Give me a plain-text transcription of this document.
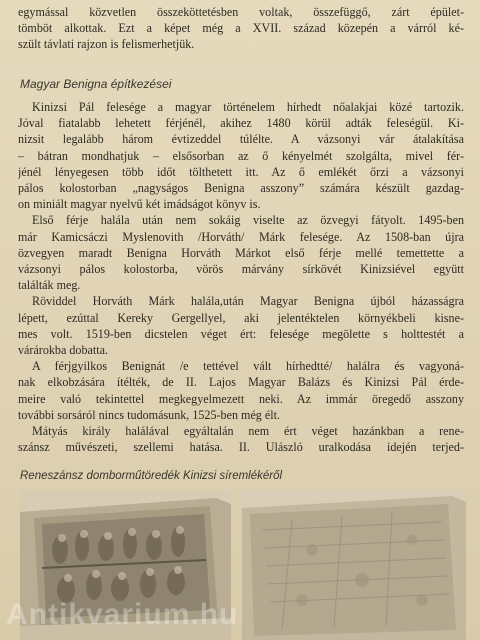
egymással közvetlen összeköttetésben voltak, összefüggő, zárt épület-
tömböt alkottak. Ezt a képet még a XVII. század közepén a várról ké-
szült távlati rajzon is felismerhetjük.
Magyar Benigna építkezései
Kinizsi Pál felesége a magyar történelem hírhedt nőalakjai közé tartozik.
Jóval fiatalabb lehetett férjénél, akihez 1480 körül adták feleségül. Ki-
nizsit legalább három évtizeddel túlélte. A vázsonyi vár átalakítása
– bátran mondhatjuk – elsősorban az ő kényelmét szolgálta, mivel fér-
jénél lényegesen több időt tölthetett itt. Az ő emlékét őrzi a vázsonyi
pálos kolostorban „nagyságos Benigna asszony” számára készült gazdag-
on miniált magyar nyelvű két imádságot könyv is.
Első férje halála után nem sokáig viselte az özvegyi fátyolt. 1495-ben
már Kamicsáczi Myslenovith /Horváth/ Márk felesége. Az 1508-ban újra
özvegyen maradt Benigna Horváth Márkot első férje mellé temettette a
vázsonyi pálos kolostorba, vörös márvány sírkövét Kinizsiével együtt
találták meg.
Röviddel Horváth Márk halála,után Magyar Benigna újból házasságra
lépett, ezúttal Kereky Gergellyel, aki jelentéktelen környékbeli kisne-
mes volt. 1519-ben dicstelen véget ért: felesége megölette s holttestét a
várárokba dobatta.
A férjgyilkos Benignát /e tettével vált hírhedtté/ halálra és vagyoná-
nak elkobzására ítélték, de II. Lajos Magyar Balázs és Kinizsi Pál érde-
meire való tekintettel megkegyelmezett neki. Az immár öregedő asszony
további sorsáról nincs tudomásunk, 1525-ben még élt.
Mátyás király halálával egyáltalán nem ért véget hazánkban a rene-
szánsz művészeti, szellemi hatása. II. Ulászló uralkodása idején terjed-
Reneszánsz domborműtöredék Kinizsi síremlékéről
Antikvarium.hu
